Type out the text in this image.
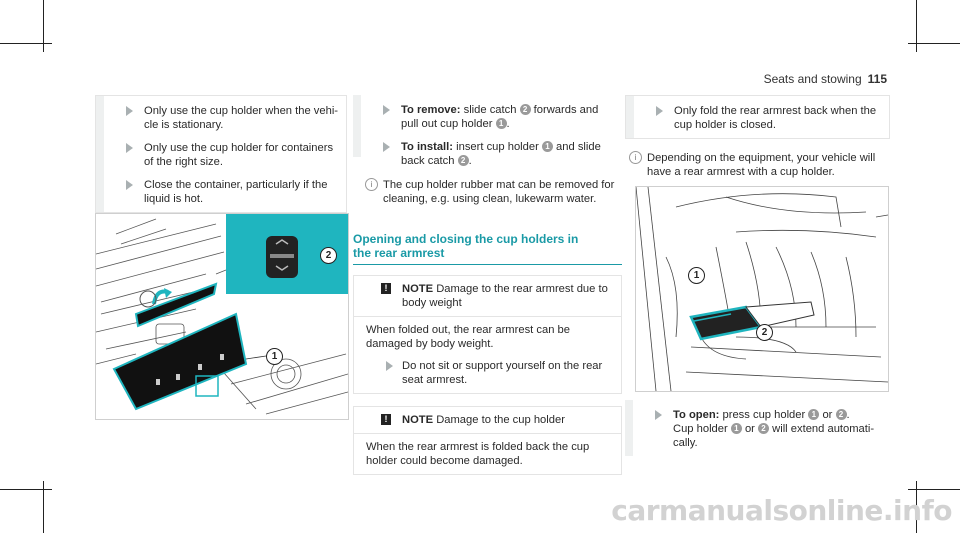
Seats and stowing 115
Only use the cup holder when the vehi-cle is stationary.
Only use the cup holder for containers of the right size.
Close the container, particularly if the liquid is hot.
1
2
To remove: slide catch 2 forwards and pull out cup holder 1 .
To install: insert cup holder 1 and slide back catch 2 .
i The cup holder rubber mat can be removed for cleaning, e.g. using clean, lukewarm water.
Opening and closing the cup holders in the rear armrest
!	NOTE Damage to the rear armrest due to body weight
When folded out, the rear armrest can be damaged by body weight.
Do not sit or support yourself on the rear seat armrest.
!	NOTE Damage to the cup holder
When the rear armrest is folded back the cup holder could become damaged.
Only fold the rear armrest back when the cup holder is closed.
i Depending on the equipment, your vehicle will have a rear armrest with a cup holder.
1
2
To open: press cup holder 1 or 2 .
Cup holder 1 or 2 will extend automati-cally.
carmanualsonline.info
